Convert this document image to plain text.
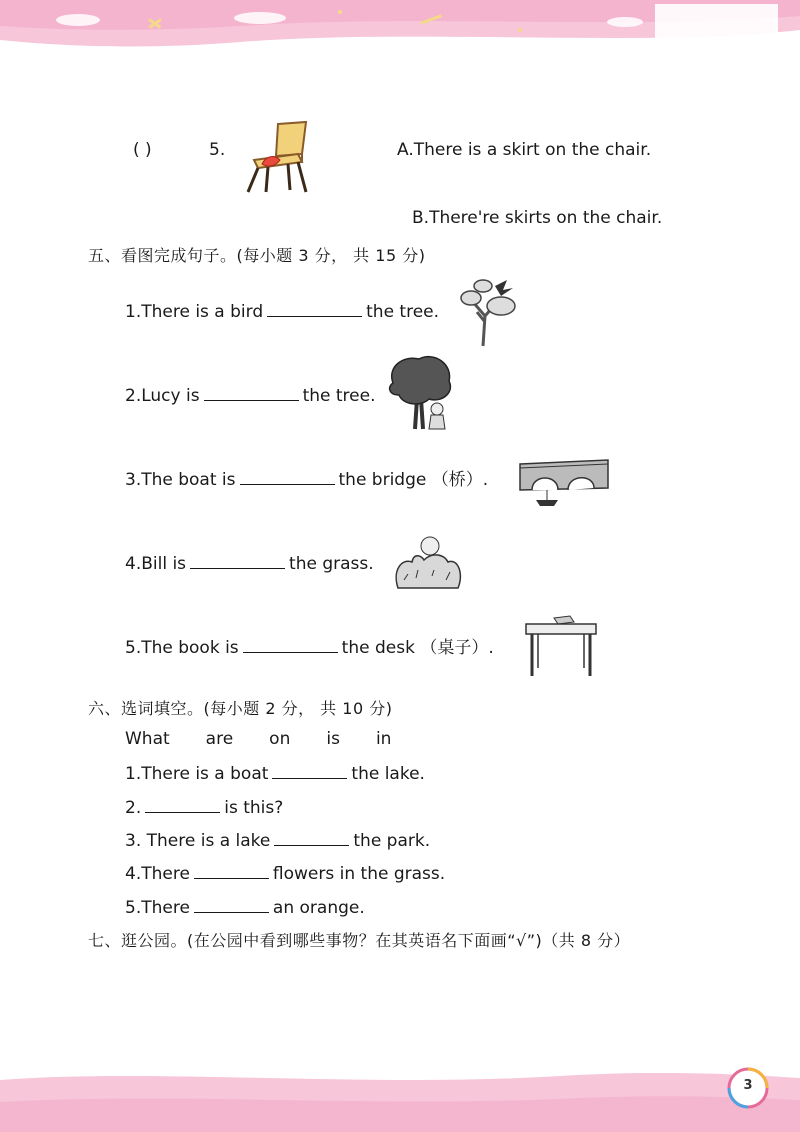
( )	5.	A.There is a skirt on the chair.
B.There're skirts on the chair.
五、看图完成句子。(每小题 3 分， 共 15 分)
1.There is a bird	the tree.
2.Lucy is	the tree.
3.The boat is	the bridge （桥）.
4.Bill is	the grass.
5.The book is	the desk （桌子）.
六、选词填空。(每小题 2 分， 共 10 分)
What are on is in
1.There is a boat	the lake.
2.	is this?
3. There is a lake	the park.
4.There	flowers in the grass.
5.There	an orange.
七、逛公园。(在公园中看到哪些事物？在其英语名下面画“√”)（共 8 分）
3
